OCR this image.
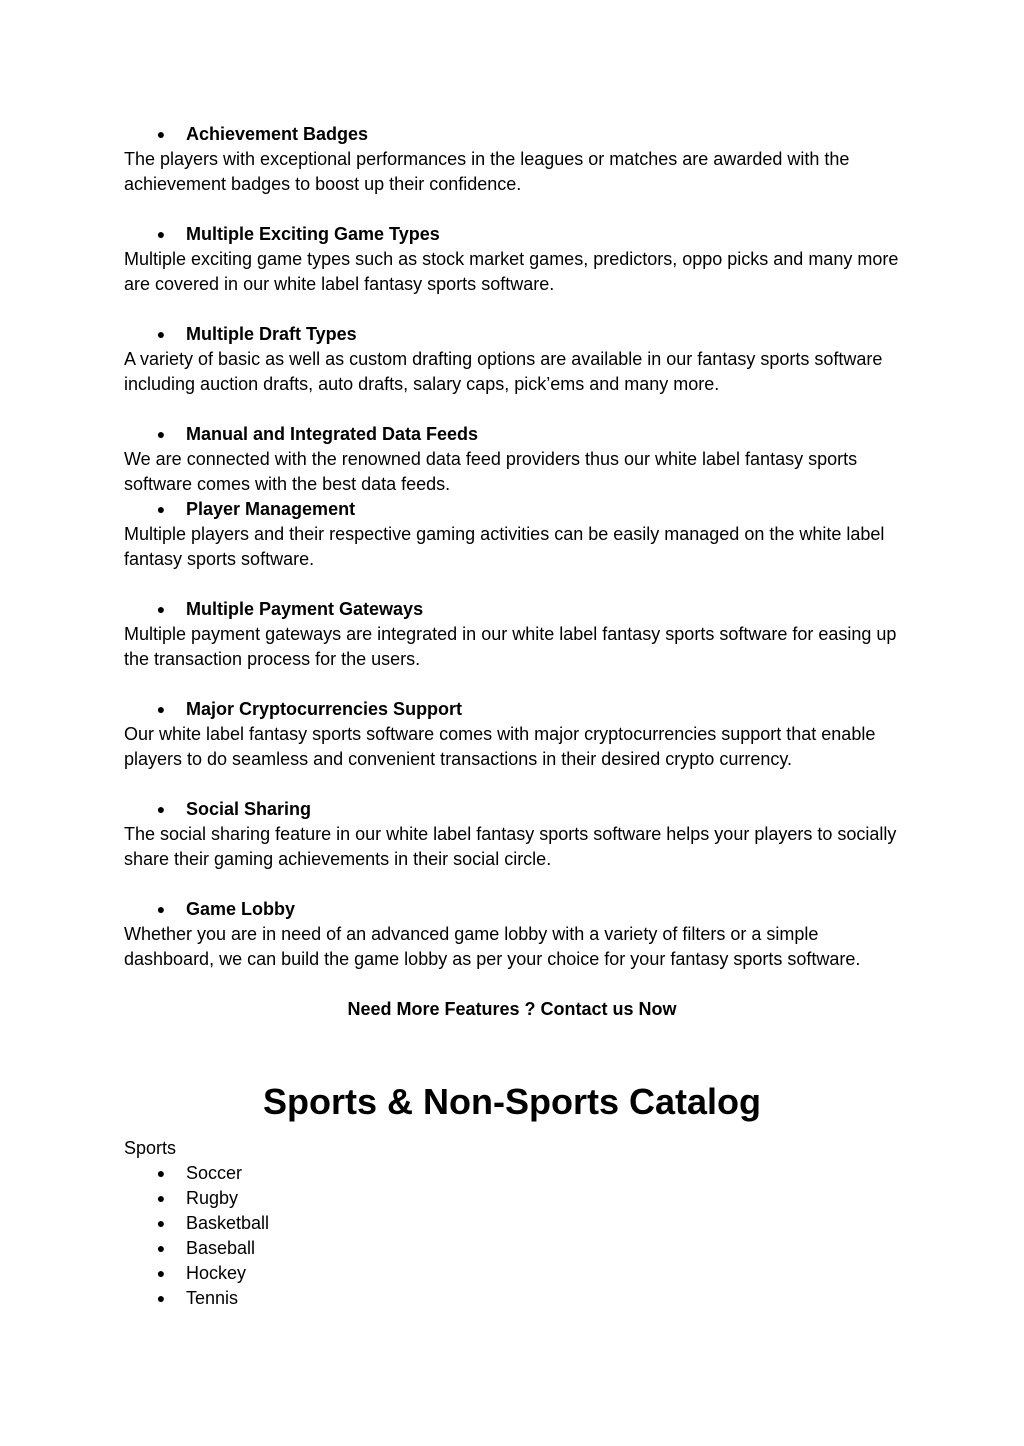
● Achievement Badges

The players with exceptional performances in the leagues or matches are awarded with the achievement badges to boost up their confidence.

● Multiple Exciting Game Types

Multiple exciting game types such as stock market games, predictors, oppo picks and many more are covered in our white label fantasy sports software.

● Multiple Draft Types

A variety of basic as well as custom drafting options are available in our fantasy sports software including auction drafts, auto drafts, salary caps, pick’ems and many more.

● Manual and Integrated Data Feeds

We are connected with the renowned data feed providers thus our white label fantasy sports software comes with the best data feeds.

● Player Management

Multiple players and their respective gaming activities can be easily managed on the white label fantasy sports software.

● Multiple Payment Gateways

Multiple payment gateways are integrated in our white label fantasy sports software for easing up the transaction process for the users.

● Major Cryptocurrencies Support

Our white label fantasy sports software comes with major cryptocurrencies support that enable players to do seamless and convenient transactions in their desired crypto currency.

● Social Sharing

The social sharing feature in our white label fantasy sports software helps your players to socially share their gaming achievements in their social circle.

● Game Lobby

Whether you are in need of an advanced game lobby with a variety of filters or a simple dashboard, we can build the game lobby as per your choice for your fantasy sports software.

Need More Features ? Contact us Now
Sports & Non-Sports Catalog
Sports
● Soccer
● Rugby
● Basketball
● Baseball
● Hockey
● Tennis
